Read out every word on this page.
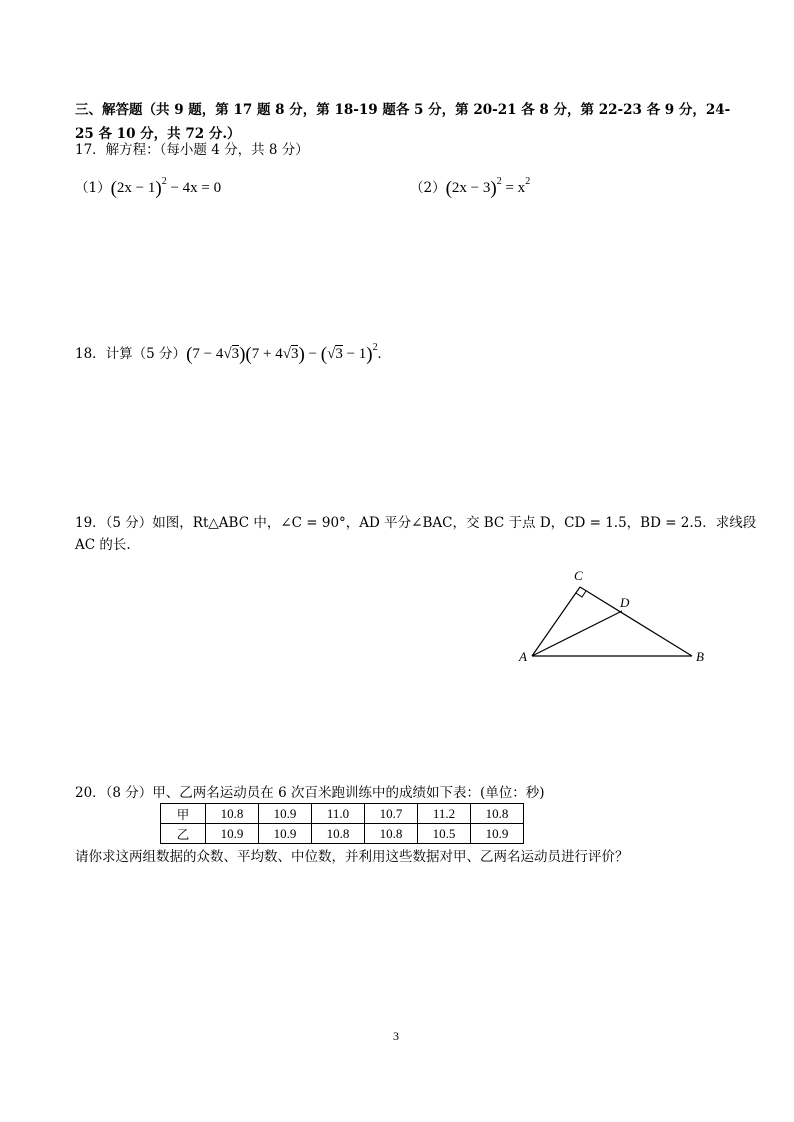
三、解答题（共 9 题，第 17 题 8 分，第 18-19 题各 5 分，第 20-21 各 8 分，第 22-23 各 9 分，24-25 各 10 分，共 72 分.）
17．解方程：（每小题 4 分，共 8 分）
$(1)(2x - 1)^2 - 4x = 0$	$(2)(2x - 3)^2 = x^2$
18．计算（5 分）$(7 - 4√3)(7 + 4√3) - (√3 - 1)^2$.
19．（5 分）如图，Rt△ABC 中，∠C = 90°，AD 平分∠BAC，交 BC 于点 D，CD = 1.5，BD = 2.5．求线段
AC 的长.
C
D
A	B
20．（8 分）甲、乙两名运动员在 6 次百米跑训练中的成绩如下表：(单位：秒)
甲	10.8	10.9	11.0	10.7	11.2	10.8
乙	10.9	10.9	10.8	10.8	10.5	10.9
请你求这两组数据的众数、平均数、中位数，并利用这些数据对甲、乙两名运动员进行评价？
3
